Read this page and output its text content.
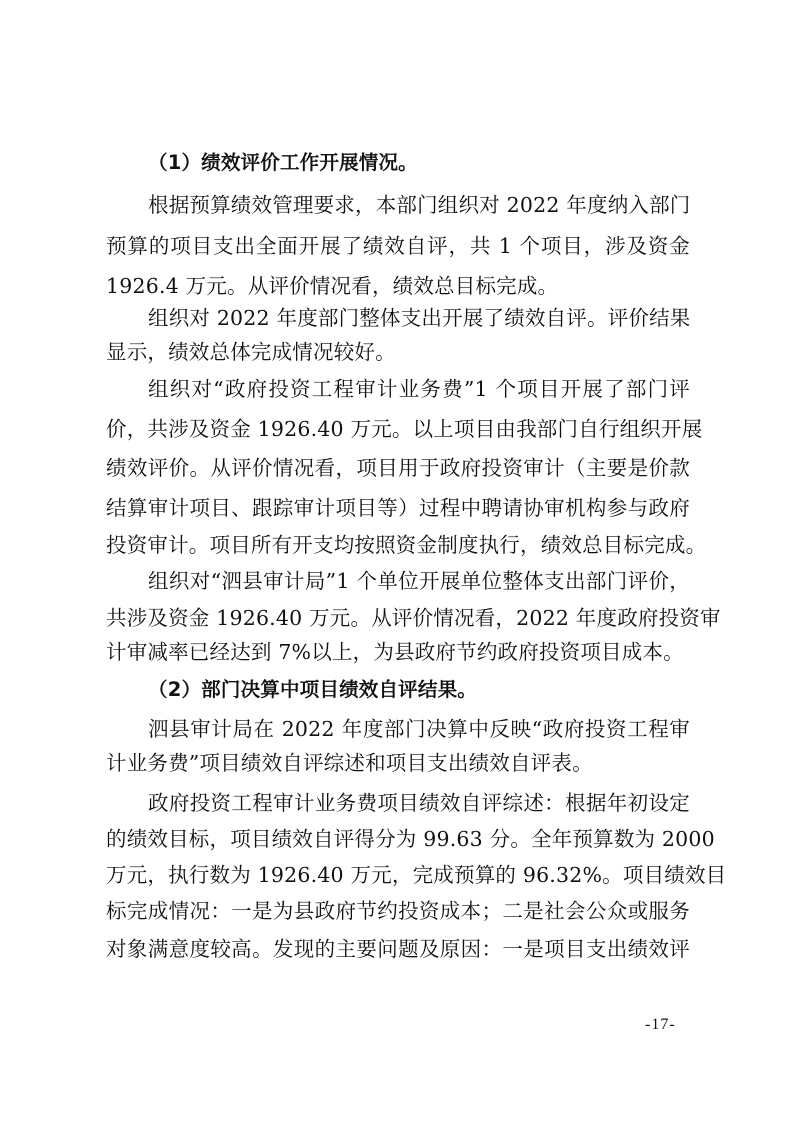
（1）绩效评价工作开展情况。
根据预算绩效管理要求，本部门组织对 2022 年度纳入部门
预算的项目支出全面开展了绩效自评，共 1 个项目，涉及资金
1926.4 万元。从评价情况看，绩效总目标完成。
组织对 2022 年度部门整体支出开展了绩效自评。评价结果
显示，绩效总体完成情况较好。
组织对“政府投资工程审计业务费”1 个项目开展了部门评
价，共涉及资金 1926.40 万元。以上项目由我部门自行组织开展
绩效评价。从评价情况看，项目用于政府投资审计（主要是价款
结算审计项目、跟踪审计项目等）过程中聘请协审机构参与政府
投资审计。项目所有开支均按照资金制度执行，绩效总目标完成。
组织对“泗县审计局”1 个单位开展单位整体支出部门评价，
共涉及资金 1926.40 万元。从评价情况看，2022 年度政府投资审
计审减率已经达到 7%以上，为县政府节约政府投资项目成本。
（2）部门决算中项目绩效自评结果。
泗县审计局在 2022 年度部门决算中反映“政府投资工程审
计业务费”项目绩效自评综述和项目支出绩效自评表。
政府投资工程审计业务费项目绩效自评综述：根据年初设定
的绩效目标，项目绩效自评得分为 99.63 分。全年预算数为 2000
万元，执行数为 1926.40 万元，完成预算的 96.32%。项目绩效目
标完成情况：一是为县政府节约投资成本；二是社会公众或服务
对象满意度较高。发现的主要问题及原因：一是项目支出绩效评
-17-
